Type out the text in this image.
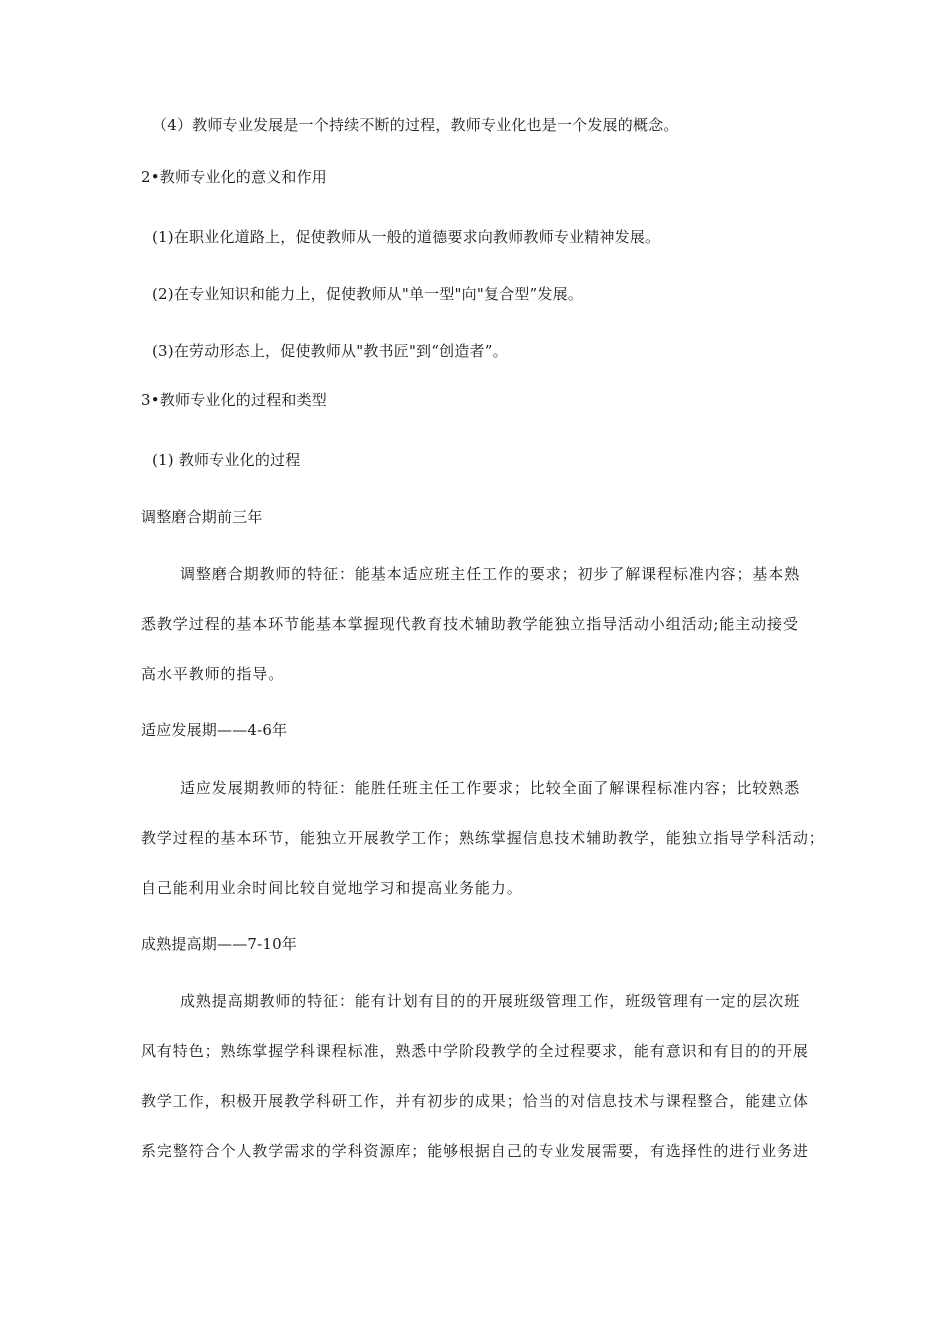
（4）教师专业发展是一个持续不断的过程，教师专业化也是一个发展的概念。
2•教师专业化的意义和作用
(1)在职业化道路上，促使教师从一般的道德要求向教师教师专业精神发展。
(2)在专业知识和能力上，促使教师从"单一型"向"复合型”发展。
(3)在劳动形态上，促使教师从"教书匠"到“创造者”。
3•教师专业化的过程和类型
(1) 教师专业化的过程
调整磨合期前三年
调整磨合期教师的特征：能基本适应班主任工作的要求；初步了解课程标准内容；基本熟
悉教学过程的基本环节能基本掌握现代教育技术辅助教学能独立指导活动小组活动;能主动接受
高水平教师的指导。
适应发展期——4-6年
适应发展期教师的特征：能胜任班主任工作要求；比较全面了解课程标准内容；比较熟悉
教学过程的基本环节，能独立开展教学工作；熟练掌握信息技术辅助教学，能独立指导学科活动；
自己能利用业余时间比较自觉地学习和提高业务能力。
成熟提高期——7-10年
成熟提高期教师的特征：能有计划有目的的开展班级管理工作，班级管理有一定的层次班
风有特色；熟练掌握学科课程标准，熟悉中学阶段教学的全过程要求，能有意识和有目的的开展
教学工作，积极开展教学科研工作，并有初步的成果；恰当的对信息技术与课程整合，能建立体
系完整符合个人教学需求的学科资源库；能够根据自己的专业发展需要，有选择性的进行业务进
